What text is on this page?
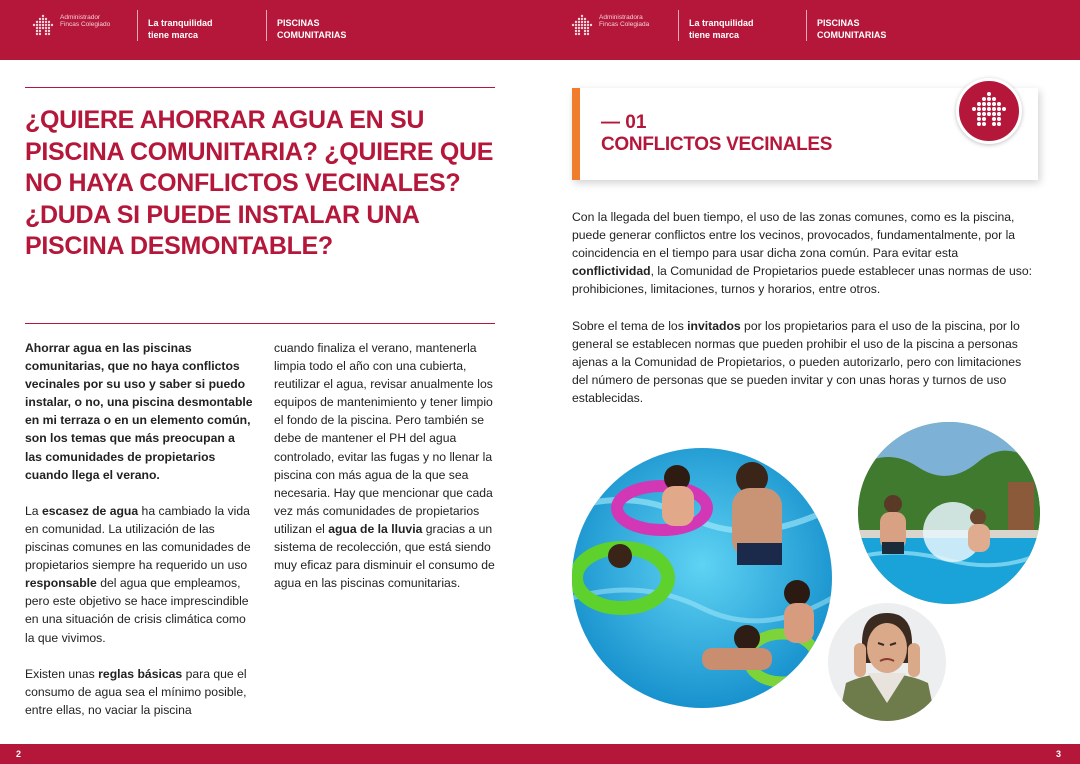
Administrador Fincas Colegiado	La tranquilidad tiene marca
PISCINAS COMUNITARIAS
Administradora Fincas Colegiada	La tranquilidad tiene marca
PISCINAS COMUNITARIAS
¿QUIERE AHORRAR AGUA EN SU PISCINA COMUNITARIA? ¿QUIERE QUE NO HAYA CONFLICTOS VECINALES? ¿DUDA SI PUEDE INSTALAR UNA PISCINA DESMONTABLE?

Ahorrar agua en las piscinas comunitarias, que no haya conflictos vecinales por su uso y saber si puedo instalar, o no, una piscina desmontable en mi terraza o en un elemento común, son los temas que más preocupan a las comunidades de propietarios cuando llega el verano.

La escasez de agua ha cambiado la vida en comunidad. La utilización de las piscinas comunes en las comunidades de propietarios siempre ha requerido un uso responsable del agua que empleamos, pero este objetivo se hace imprescindible en una situación de crisis climática como la que vivimos.

Existen unas reglas básicas para que el consumo de agua sea el mínimo posible, entre ellas, no vaciar la piscina

cuando finaliza el verano, mantenerla limpia todo el año con una cubierta, reutilizar el agua, revisar anualmente los equipos de mantenimiento y tener limpio el fondo de la piscina. Pero también se debe de mantener el PH del agua controlado, evitar las fugas y no llenar la piscina con más agua de la que sea necesaria. Hay que mencionar que cada vez más comunidades de propietarios utilizan el agua de la lluvia gracias a un sistema de recolección, que está siendo muy eficaz para disminuir el consumo de agua en las piscinas comunitarias.

— 01
CONFLICTOS VECINALES

Con la llegada del buen tiempo, el uso de las zonas comunes, como es la piscina, puede generar conflictos entre los vecinos, provocados, fundamentalmente, por la coincidencia en el tiempo para usar dicha zona común. Para evitar esta conflictividad, la Comunidad de Propietarios puede establecer unas normas de uso: prohibiciones, limitaciones, turnos y horarios, entre otros.

Sobre el tema de los invitados por los propietarios para el uso de la piscina, por lo general se establecen normas que pueden prohibir el uso de la piscina a personas ajenas a la Comunidad de Propietarios, o pueden autorizarlo, pero con limitaciones del número de personas que se pueden invitar y con unas horas y turnos de uso establecidas.

2	3
